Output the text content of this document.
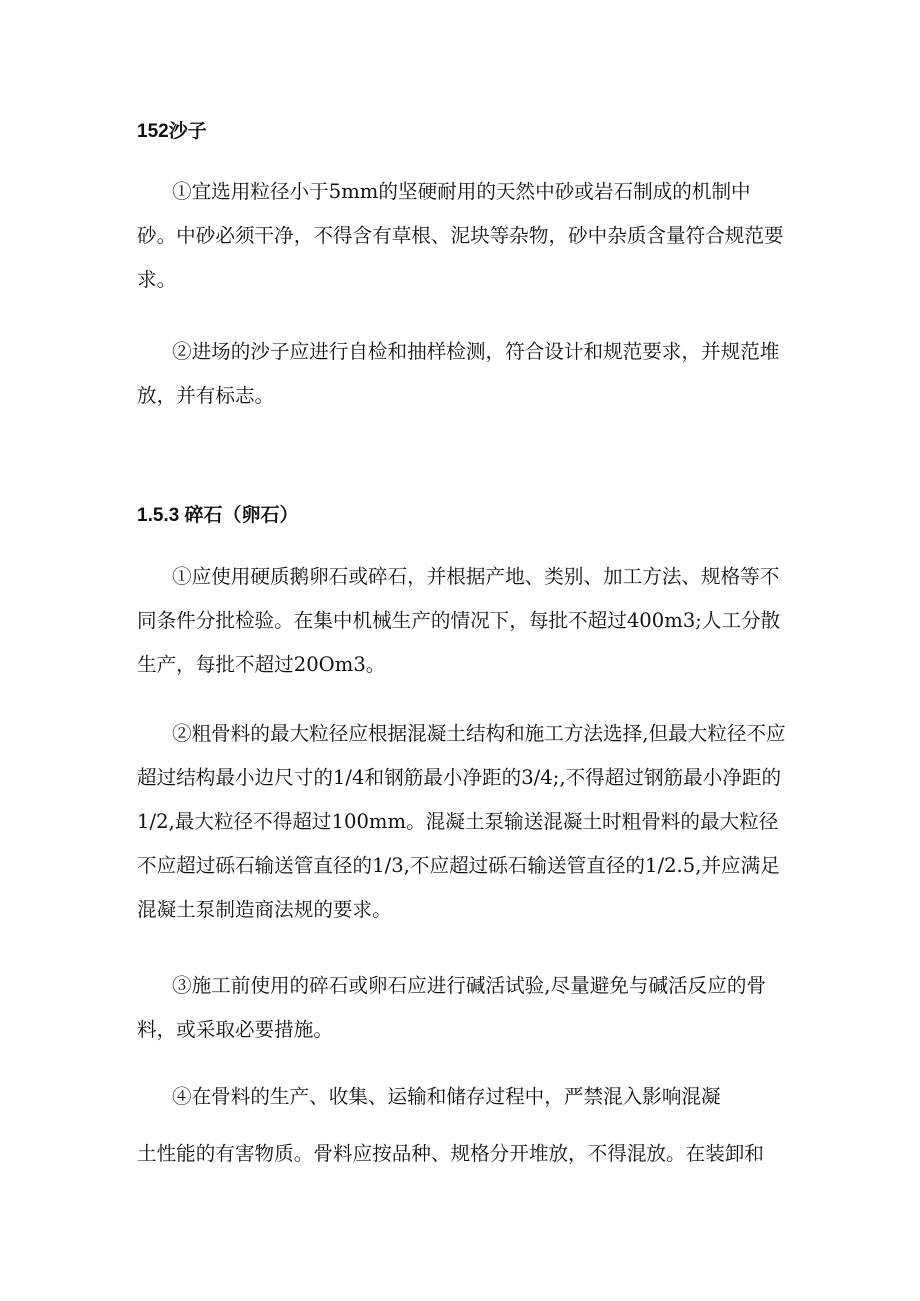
152沙子

①宜选用粒径小于5mm的坚硬耐用的天然中砂或岩石制成的机制中砂。中砂必须干净，不得含有草根、泥块等杂物，砂中杂质含量符合规范要求。

②进场的沙子应进行自检和抽样检测，符合设计和规范要求，并规范堆放，并有标志。

1.5.3 碎石（卵石）

①应使用硬质鹅卵石或碎石，并根据产地、类别、加工方法、规格等不同条件分批检验。在集中机械生产的情况下，每批不超过400m3;人工分散生产，每批不超过20Om3。

②粗骨料的最大粒径应根据混凝土结构和施工方法选择,但最大粒径不应超过结构最小边尺寸的1/4和钢筋最小净距的3/4;,不得超过钢筋最小净距的1/2,最大粒径不得超过100mm。混凝土泵输送混凝土时粗骨料的最大粒径不应超过砾石输送管直径的1/3,不应超过砾石输送管直径的1/2.5,并应满足混凝土泵制造商法规的要求。

③施工前使用的碎石或卵石应进行碱活试验,尽量避免与碱活反应的骨料，或采取必要措施。

④在骨料的生产、收集、运输和储存过程中，严禁混入影响混凝

土性能的有害物质。骨料应按品种、规格分开堆放，不得混放。在装卸和
